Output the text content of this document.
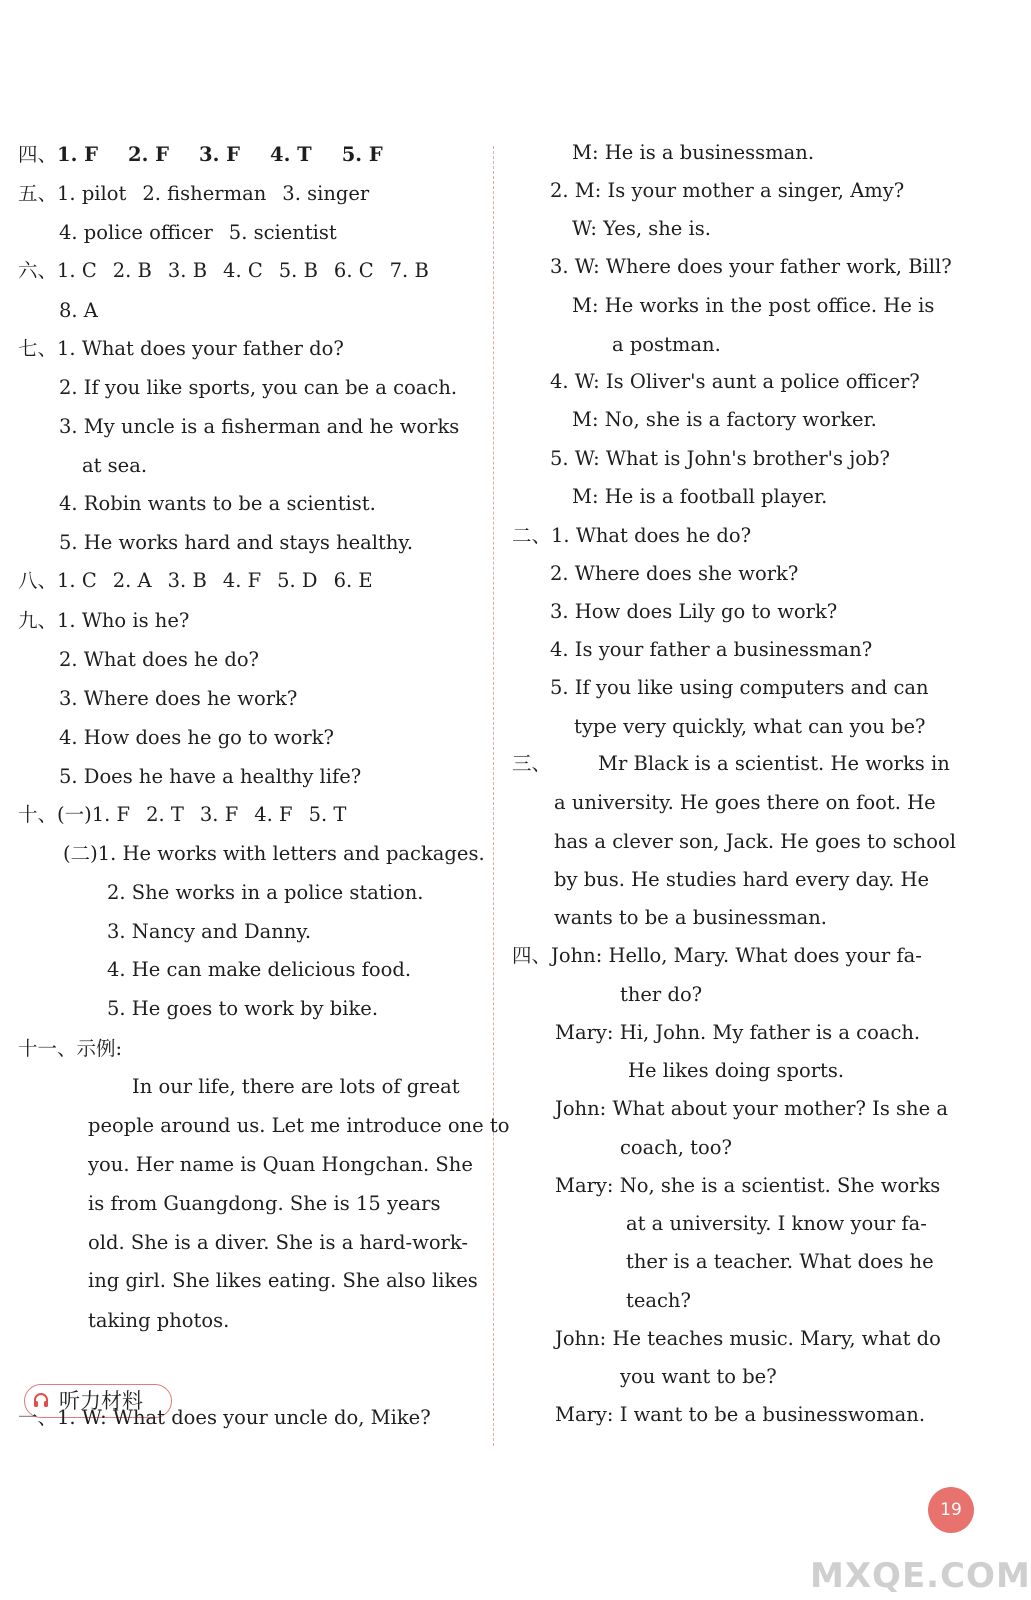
四、1. F 2. F 3. F 4. T 5. F
五、1. pilot 2. fisherman 3. singer
4. police officer 5. scientist
六、1. C 2. B 3. B 4. C 5. B 6. C 7. B
8. A
七、1. What does your father do?
2. If you like sports, you can be a coach.
3. My uncle is a fisherman and he works
at sea.
4. Robin wants to be a scientist.
5. He works hard and stays healthy.
八、1. C 2. A 3. B 4. F 5. D 6. E
九、1. Who is he?
2. What does he do?
3. Where does he work?
4. How does he go to work?
5. Does he have a healthy life?
十、(一)1. F 2. T 3. F 4. F 5. T
(二)1. He works with letters and packages.
2. She works in a police station.
3. Nancy and Danny.
4. He can make delicious food.
5. He goes to work by bike.
十一、示例:
In our life, there are lots of great
people around us. Let me introduce one to
you. Her name is Quan Hongchan. She
is from Guangdong. She is 15 years
old. She is a diver. She is a hard-work-
ing girl. She likes eating. She also likes
taking photos.
听力材料
一、1. W: What does your uncle do, Mike?
M: He is a businessman.
2. M: Is your mother a singer, Amy?
W: Yes, she is.
3. W: Where does your father work, Bill?
M: He works in the post office. He is
a postman.
4. W: Is Oliver's aunt a police officer?
M: No, she is a factory worker.
5. W: What is John's brother's job?
M: He is a football player.
二、1. What does he do?
2. Where does she work?
3. How does Lily go to work?
4. Is your father a businessman?
5. If you like using computers and can
type very quickly, what can you be?
三、 Mr Black is a scientist. He works in
a university. He goes there on foot. He
has a clever son, Jack. He goes to school
by bus. He studies hard every day. He
wants to be a businessman.
四、John: Hello, Mary. What does your fa-
ther do?
Mary: Hi, John. My father is a coach.
He likes doing sports.
John: What about your mother? Is she a
coach, too?
Mary: No, she is a scientist. She works
at a university. I know your fa-
ther is a teacher. What does he
teach?
John: He teaches music. Mary, what do
you want to be?
Mary: I want to be a businesswoman.
19
MXQE.COM
